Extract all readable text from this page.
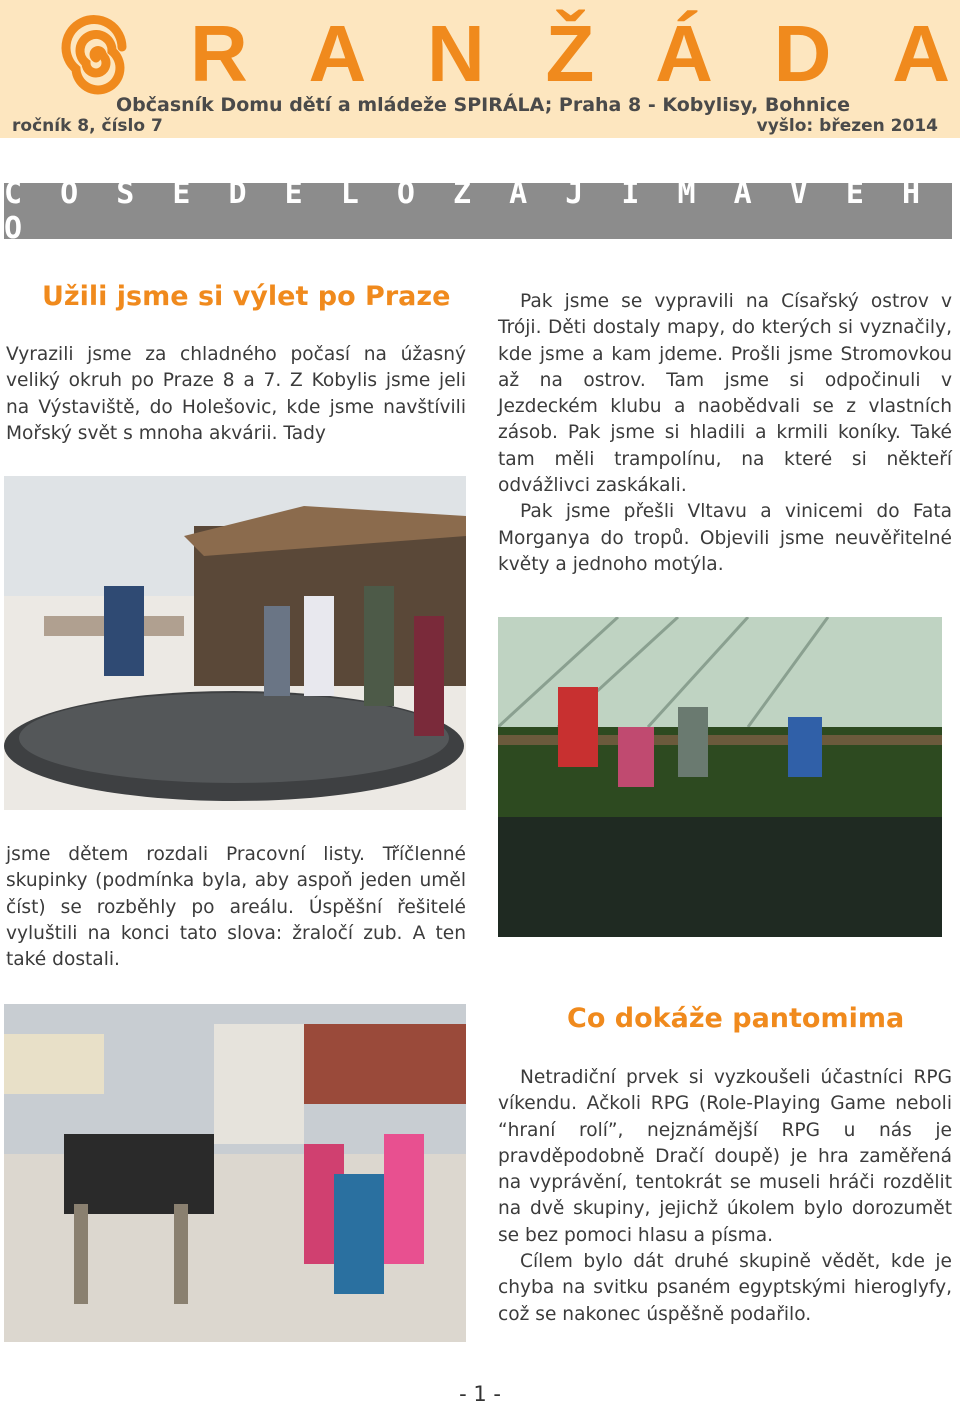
R A N Ž Á D A
Občasník Domu dětí a mládeže SPIRÁLA; Praha 8 - Kobylisy, Bohnice
ročník 8, číslo 7	vyšlo: březen 2014
C O S E D Ě L O Z A J Í M A V É H O
Užili jsme si výlet po Praze

Vyrazili jsme za chladného počasí na úžasný veliký okruh po Praze 8 a 7. Z Kobylis jsme jeli na Výstaviště, do Holešovic, kde jsme navštívili Mořský svět s mnoha akvárii. Tady

Pak jsme se vypravili na Císařský ostrov v Tróji. Děti dostaly mapy, do kterých si vyznačily, kde jsme a kam jdeme. Prošli jsme Stromovkou až na ostrov. Tam jsme si odpočinuli v Jezdeckém klubu a naobědvali se z vlastních zásob. Pak jsme si hladili a krmili koníky. Také tam měli trampolínu, na které si někteří odvážlivci zaskákali.

Pak jsme přešli Vltavu a vinicemi do Fata Morganya do tropů. Objevili jsme neuvěřitelné květy a jednoho motýla.

jsme dětem rozdali Pracovní listy. Tříčlenné skupinky (podmínka byla, aby aspoň jeden uměl číst) se rozběhly po areálu. Úspěšní řešitelé vyluštili na konci tato slova: žraločí zub. A ten také dostali.

Co dokáže pantomima

Netradiční prvek si vyzkoušeli účastníci RPG víkendu. Ačkoli RPG (Role-Playing Game neboli “hraní rolí”, nejznámější RPG u nás je pravděpodobně Dračí doupě) je hra zaměřená na vyprávění, tentokrát se museli hráči rozdělit na dvě skupiny, jejichž úkolem bylo dorozumět se bez pomoci hlasu a písma.

Cílem bylo dát druhé skupině vědět, kde je chyba na svitku psaném egyptskými hieroglyfy, což se nakonec úspěšně podařilo.

- 1 -
